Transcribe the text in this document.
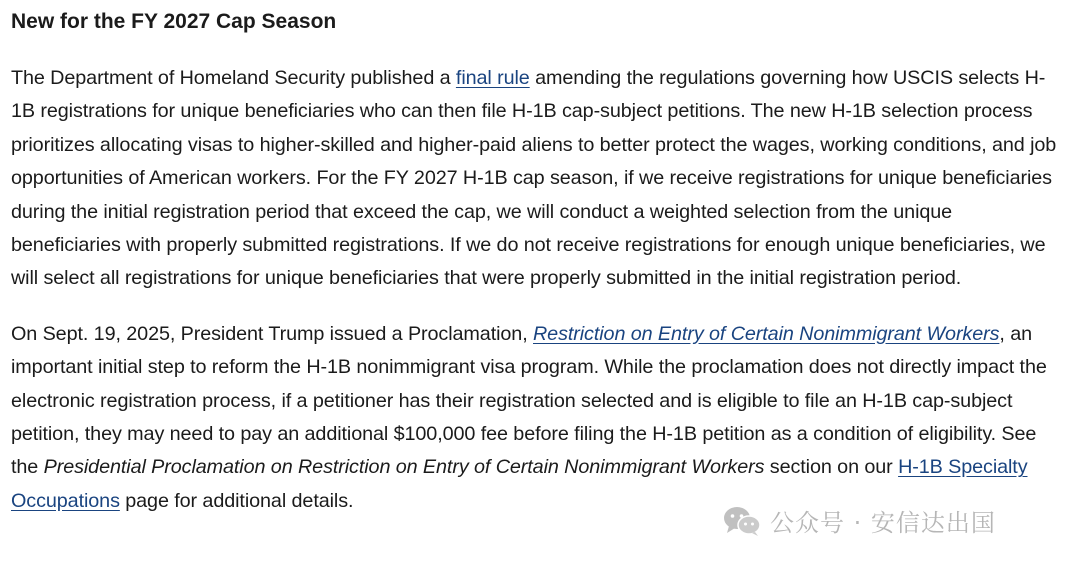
New for the FY 2027 Cap Season

The Department of Homeland Security published a final rule amending the regulations governing how USCIS selects H-1B registrations for unique beneficiaries who can then file H-1B cap-subject petitions. The new H-1B selection process prioritizes allocating visas to higher-skilled and higher-paid aliens to better protect the wages, working conditions, and job opportunities of American workers. For the FY 2027 H-1B cap season, if we receive registrations for unique beneficiaries during the initial registration period that exceed the cap, we will conduct a weighted selection from the unique beneficiaries with properly submitted registrations. If we do not receive registrations for enough unique beneficiaries, we will select all registrations for unique beneficiaries that were properly submitted in the initial registration period.

On Sept. 19, 2025, President Trump issued a Proclamation, Restriction on Entry of Certain Nonimmigrant Workers, an important initial step to reform the H-1B nonimmigrant visa program. While the proclamation does not directly impact the electronic registration process, if a petitioner has their registration selected and is eligible to file an H-1B cap-subject petition, they may need to pay an additional $100,000 fee before filing the H-1B petition as a condition of eligibility. See the Presidential Proclamation on Restriction on Entry of Certain Nonimmigrant Workers section on our H-1B Specialty Occupations page for additional details.

公众号 · 安信达出国
